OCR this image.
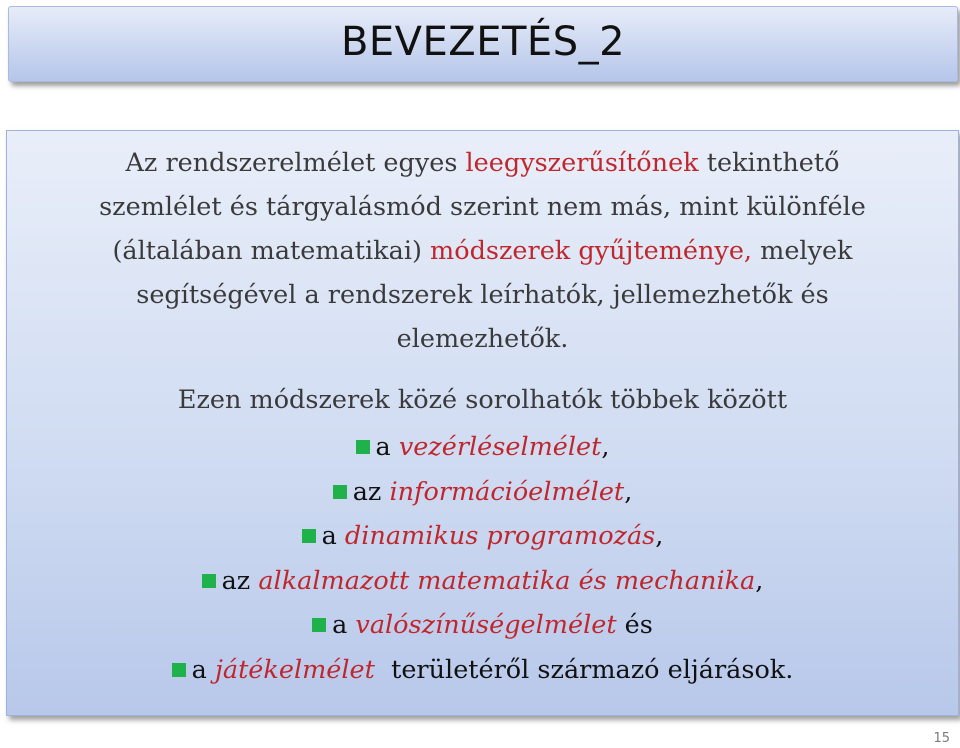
BEVEZETÉS_2
Az rendszerelmélet egyes leegyszerűsítőnek tekinthető
szemlélet és tárgyalásmód szerint nem más, mint különféle
(általában matematikai) módszerek gyűjteménye, melyek
segítségével a rendszerek leírhatók, jellemezhetők és
elemezhetők.
Ezen módszerek közé sorolhatók többek között
a vezérléselmélet,
az információelmélet,
a dinamikus programozás,
az alkalmazott matematika és mechanika,
a valószínűségelmélet és
a játékelmélet  területéről származó eljárások.
15
